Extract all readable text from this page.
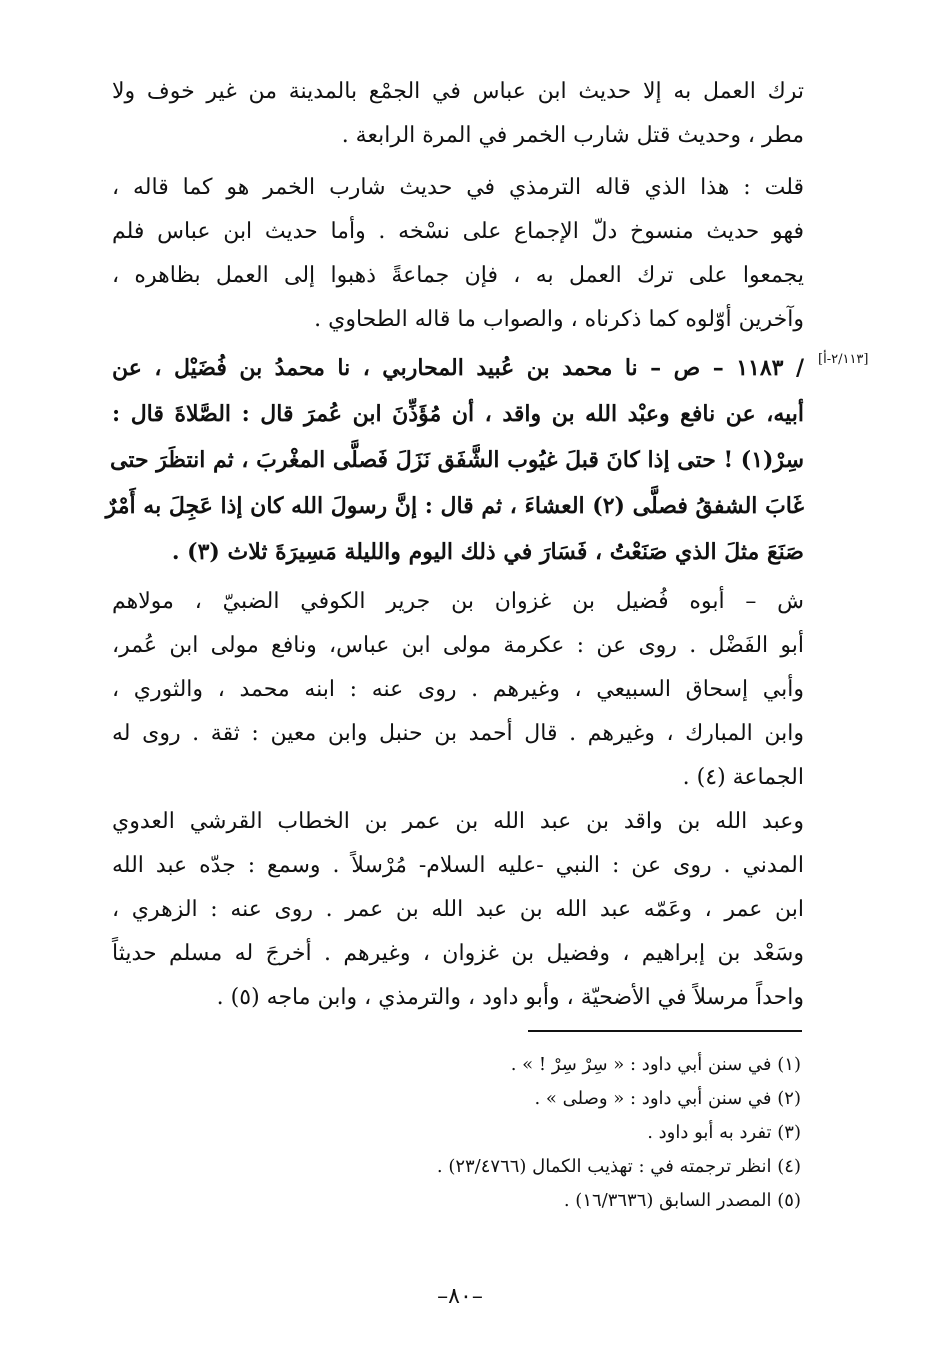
ترك العمل به إلا حديث ابن عباس في الجمْع بالمدينة من غير خوف ولا
مطر ، وحديث قتل شارب الخمر في المرة الرابعة .
قلت : هذا الذي قاله الترمذي في حديث شارب الخمر هو كما قاله ،
فهو حديث منسوخ دلّ الإجماع على نسْخه . وأما حديث ابن عباس فلم
يجمعوا على ترك العمل به ، فإن جماعةً ذهبوا إلى العمل بظاهره ،
وآخرين أوّلوه كما ذكرناه ، والصواب ما قاله الطحاوي .
[٢/١١٣-أ]
/ ١١٨٣ – ص – نا محمد بن عُبيد المحاربي ، نا محمدُ بن فُضَيْل ، عن
أبيه، عن نافع وعبْد الله بن واقد ، أن مُؤَذِّنَ ابن عُمرَ قال : الصَّلاةَ قال :
سِرْ(١) ! حتى إذا كانَ قبلَ غيُوب الشَّفَق نَزَلَ فَصلَّى المغْربَ ، ثم انتظَرَ حتى
غَابَ الشفقُ فصلَّى (٢) العشاءَ ، ثم قال : إنَّ رسولَ الله كان إذا عَجِلَ به أَمْرٌ
صَنَعَ مثلَ الذي صَنَعْتُ ، فَسَارَ في ذلك اليوم والليلة مَسِيرَةَ ثلاث (٣) .
ش – أبوه فُضيل بن غزوان بن جرير الكوفي الضبيّ ، مولاهم
أبو الفَضْل . روى عن : عكرمة مولى ابن عباس، ونافع مولى ابن عُمر،
وأبي إسحاق السبيعي ، وغيرهم . روى عنه : ابنه محمد ، والثوري ،
وابن المبارك ، وغيرهم . قال أحمد بن حنبل وابن معين : ثقة . روى له
الجماعة (٤) .
وعبد الله بن واقد بن عبد الله بن عمر بن الخطاب القرشي العدوي
المدني . روى عن : النبي -عليه السلام- مُرْسلاً . وسمع : جدّه عبد الله
ابن عمر ، وعَمّه عبد الله بن عبد الله بن عمر . روى عنه : الزهري ،
وسَعْد بن إبراهيم ، وفضيل بن غزوان ، وغيرهم . أخرجَ له مسلم حديثاً
واحداً مرسلاً في الأضحيّة ، وأبو داود ، والترمذي ، وابن ماجه (٥) .
(١) في سنن أبي داود : « سِرْ سِرْ ! » .
(٢) في سنن أبي داود : « وصلى » .
(٣) تفرد به أبو داود .
(٤) انظر ترجمته في : تهذيب الكمال (٢٣/٤٧٦٦) .
(٥) المصدر السابق (١٦/٣٦٣٦) .
–٨٠–
